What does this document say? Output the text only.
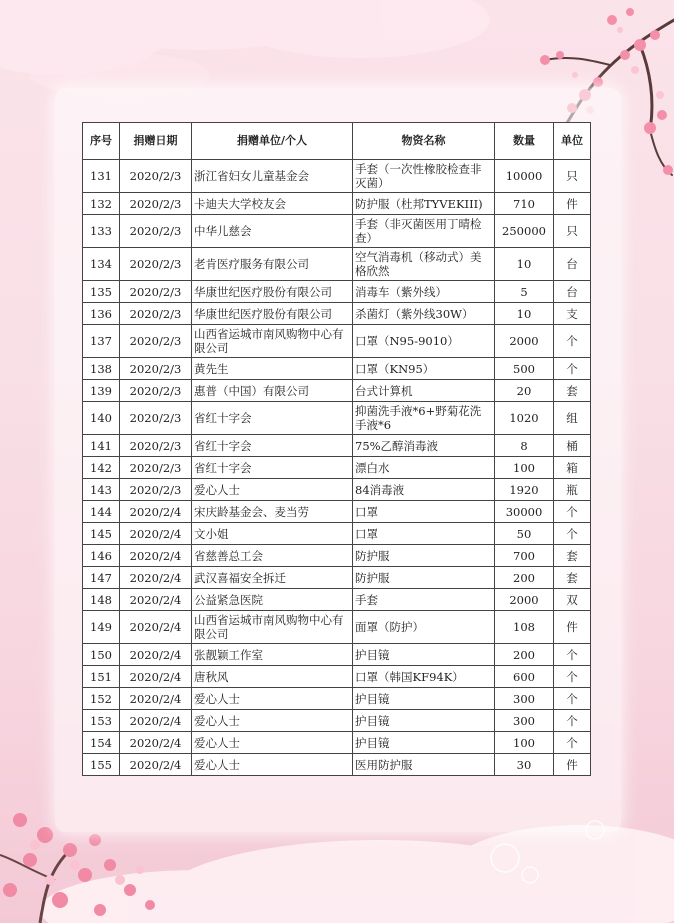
序号	捐赠日期	捐赠单位/个人	物资名称	数量	单位
131	2020/2/3	浙江省妇女儿童基金会	手套（一次性橡胶检查非灭菌）	10000	只
132	2020/2/3	卡迪夫大学校友会	防护服（杜邦TYVEKIII)	710	件
133	2020/2/3	中华儿慈会	手套（非灭菌医用丁晴检查）	250000	只
134	2020/2/3	老肯医疗服务有限公司	空气消毒机（移动式）美格欣然	10	台
135	2020/2/3	华康世纪医疗股份有限公司	消毒车（紫外线）	5	台
136	2020/2/3	华康世纪医疗股份有限公司	杀菌灯（紫外线30W）	10	支
137	2020/2/3	山西省运城市南风购物中心有限公司	口罩（N95-9010）	2000	个
138	2020/2/3	黄先生	口罩（KN95）	500	个
139	2020/2/3	惠普（中国）有限公司	台式计算机	20	套
140	2020/2/3	省红十字会	抑菌洗手液*6+野菊花洗手液*6	1020	组
141	2020/2/3	省红十字会	75%乙醇消毒液	8	桶
142	2020/2/3	省红十字会	漂白水	100	箱
143	2020/2/3	爱心人士	84消毒液	1920	瓶
144	2020/2/4	宋庆龄基金会、麦当劳	口罩	30000	个
145	2020/2/4	文小姐	口罩	50	个
146	2020/2/4	省慈善总工会	防护服	700	套
147	2020/2/4	武汉喜福安全拆迁	防护服	200	套
148	2020/2/4	公益紧急医院	手套	2000	双
149	2020/2/4	山西省运城市南风购物中心有限公司	面罩（防护）	108	件
150	2020/2/4	张靓颖工作室	护目镜	200	个
151	2020/2/4	唐秋风	口罩（韩国KF94K）	600	个
152	2020/2/4	爱心人士	护目镜	300	个
153	2020/2/4	爱心人士	护目镜	300	个
154	2020/2/4	爱心人士	护目镜	100	个
155	2020/2/4	爱心人士	医用防护服	30	件
